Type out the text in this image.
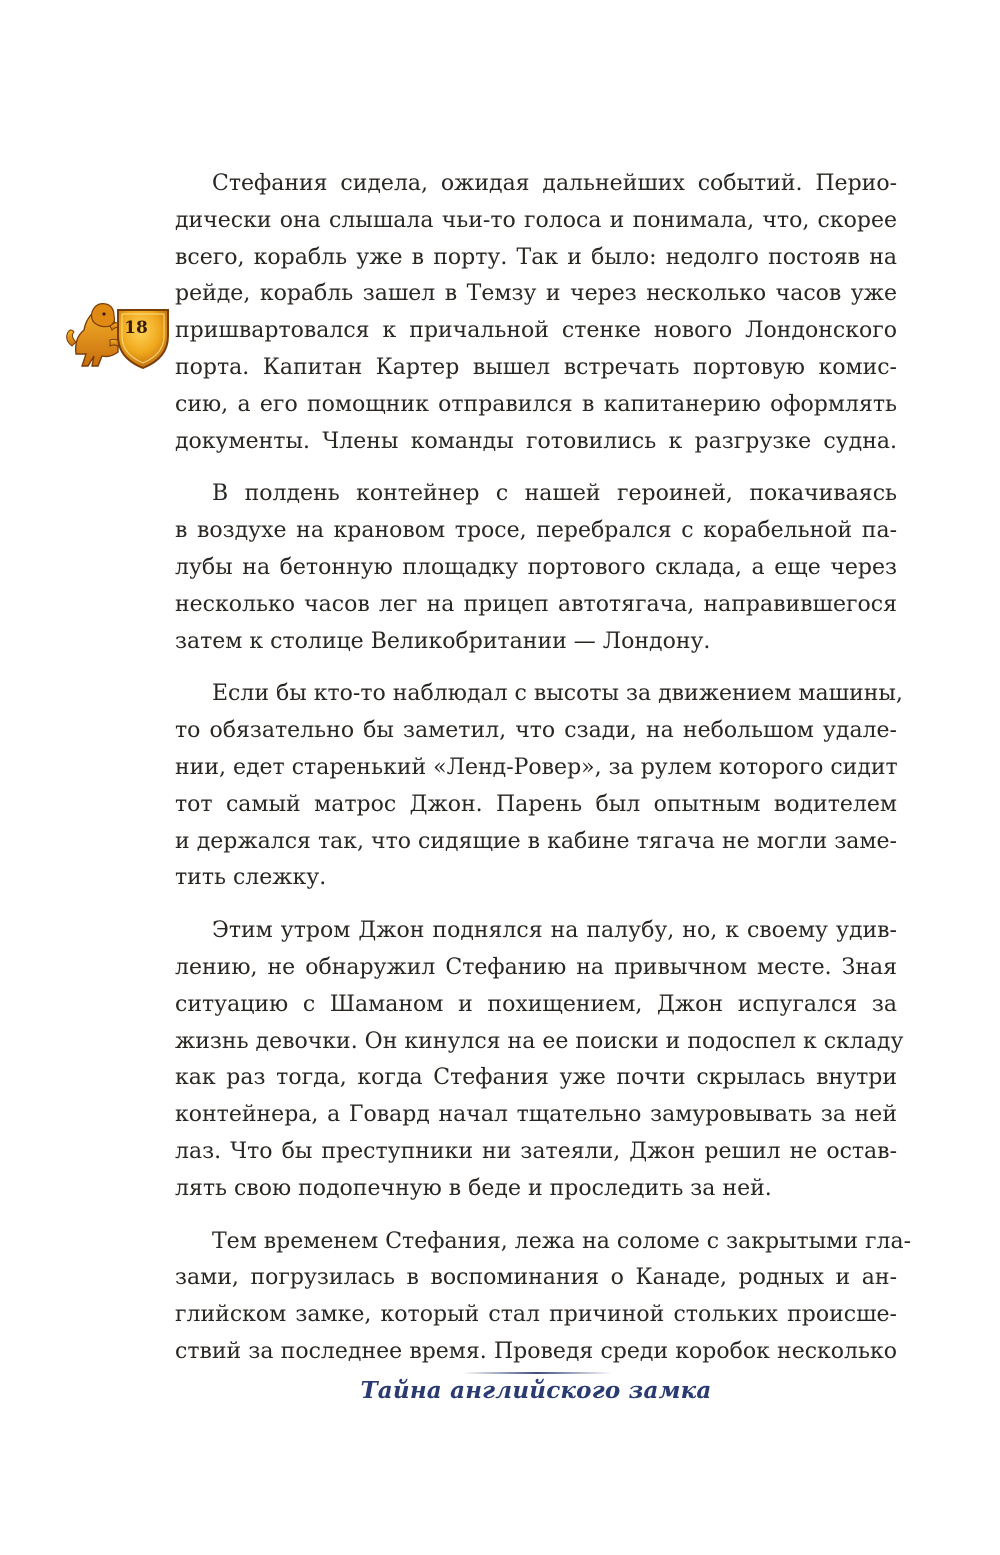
18

Стефания сидела, ожидая дальнейших событий. Перио-
дически она слышала чьи-то голоса и понимала, что, скорее
всего, корабль уже в порту. Так и было: недолго постояв на
рейде, корабль зашел в Темзу и через несколько часов уже
пришвартовался к причальной стенке нового Лондонского
порта. Капитан Картер вышел встречать портовую комис-
сию, а его помощник отправился в капитанерию оформлять
документы. Члены команды готовились к разгрузке судна.

В полдень контейнер с нашей героиней, покачиваясь
в воздухе на крановом тросе, перебрался с корабельной па-
лубы на бетонную площадку портового склада, а еще через
несколько часов лег на прицеп автотягача, направившегося
затем к столице Великобритании — Лондону.

Если бы кто-то наблюдал с высоты за движением машины,
то обязательно бы заметил, что сзади, на небольшом удале-
нии, едет старенький «Ленд-Ровер», за рулем которого сидит
тот самый матрос Джон. Парень был опытным водителем
и держался так, что сидящие в кабине тягача не могли заме-
тить слежку.

Этим утром Джон поднялся на палубу, но, к своему удив-
лению, не обнаружил Стефанию на привычном месте. Зная
ситуацию с Шаманом и похищением, Джон испугался за
жизнь девочки. Он кинулся на ее поиски и подоспел к складу
как раз тогда, когда Стефания уже почти скрылась внутри
контейнера, а Говард начал тщательно замуровывать за ней
лаз. Что бы преступники ни затеяли, Джон решил не остав-
лять свою подопечную в беде и проследить за ней.

Тем временем Стефания, лежа на соломе с закрытыми гла-
зами, погрузилась в воспоминания о Канаде, родных и ан-
глийском замке, который стал причиной стольких происше-
ствий за последнее время. Проведя среди коробок несколько

Тайна английского замка
